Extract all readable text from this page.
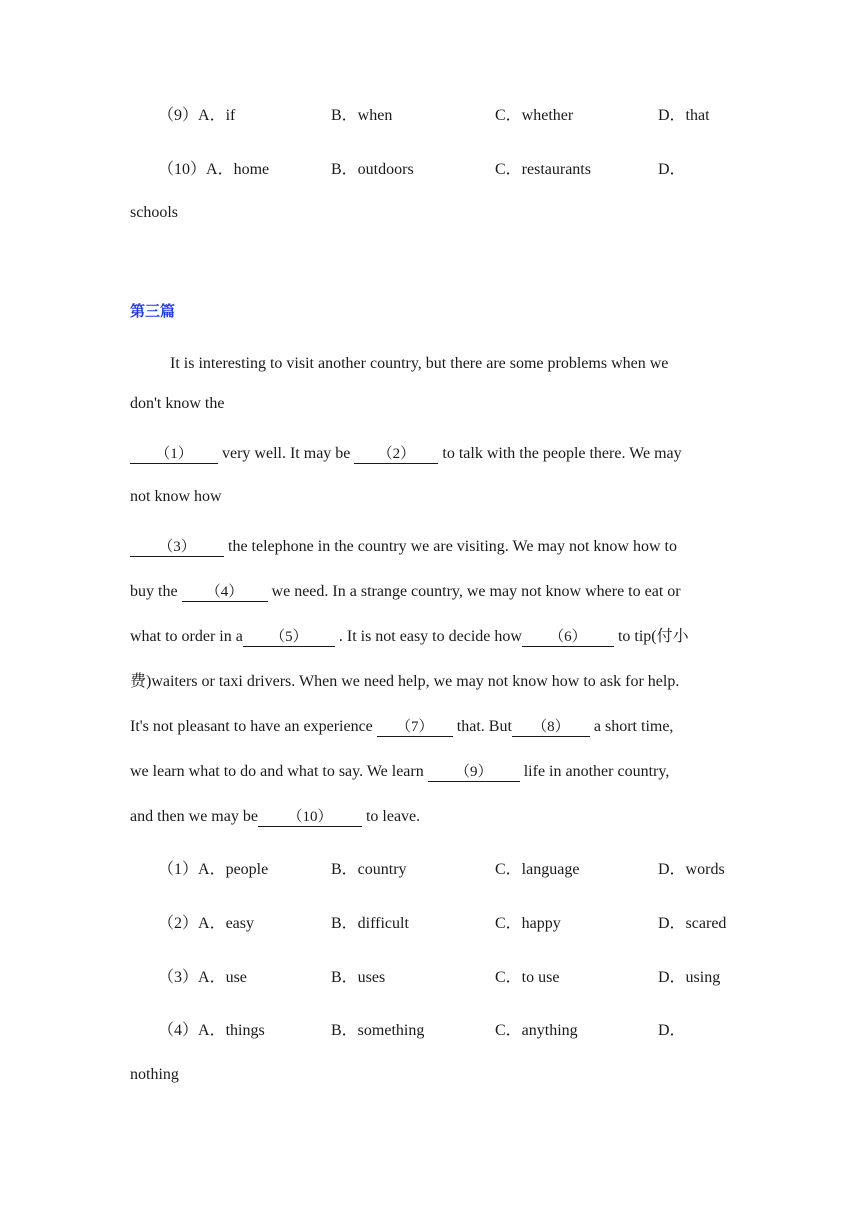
（9）A．if	B．when	C．whether	D．that
（10）A．home	B．outdoors	C．restaurants	D．
schools
第三篇
It is interesting to visit another country, but there are some problems when we
don't know the
（1） very well. It may be （2） to talk with the people there. We may
not know how
（3） the telephone in the country we are visiting. We may not know how to
buy the （4） we need. In a strange country, we may not know where to eat or
what to order in a （5） . It is not easy to decide how （6） to tip(付小
费)waiters or taxi drivers. When we need help, we may not know how to ask for help.
It's not pleasant to have an experience （7） that. But （8） a short time,
we learn what to do and what to say. We learn （9） life in another country,
and then we may be （10） to leave.
（1）A．people	B．country	C．language	D．words
（2）A．easy	B．difficult	C．happy	D．scared
（3）A．use	B．uses	C．to use	D．using
（4）A．things	B．something	C．anything	D．
nothing
